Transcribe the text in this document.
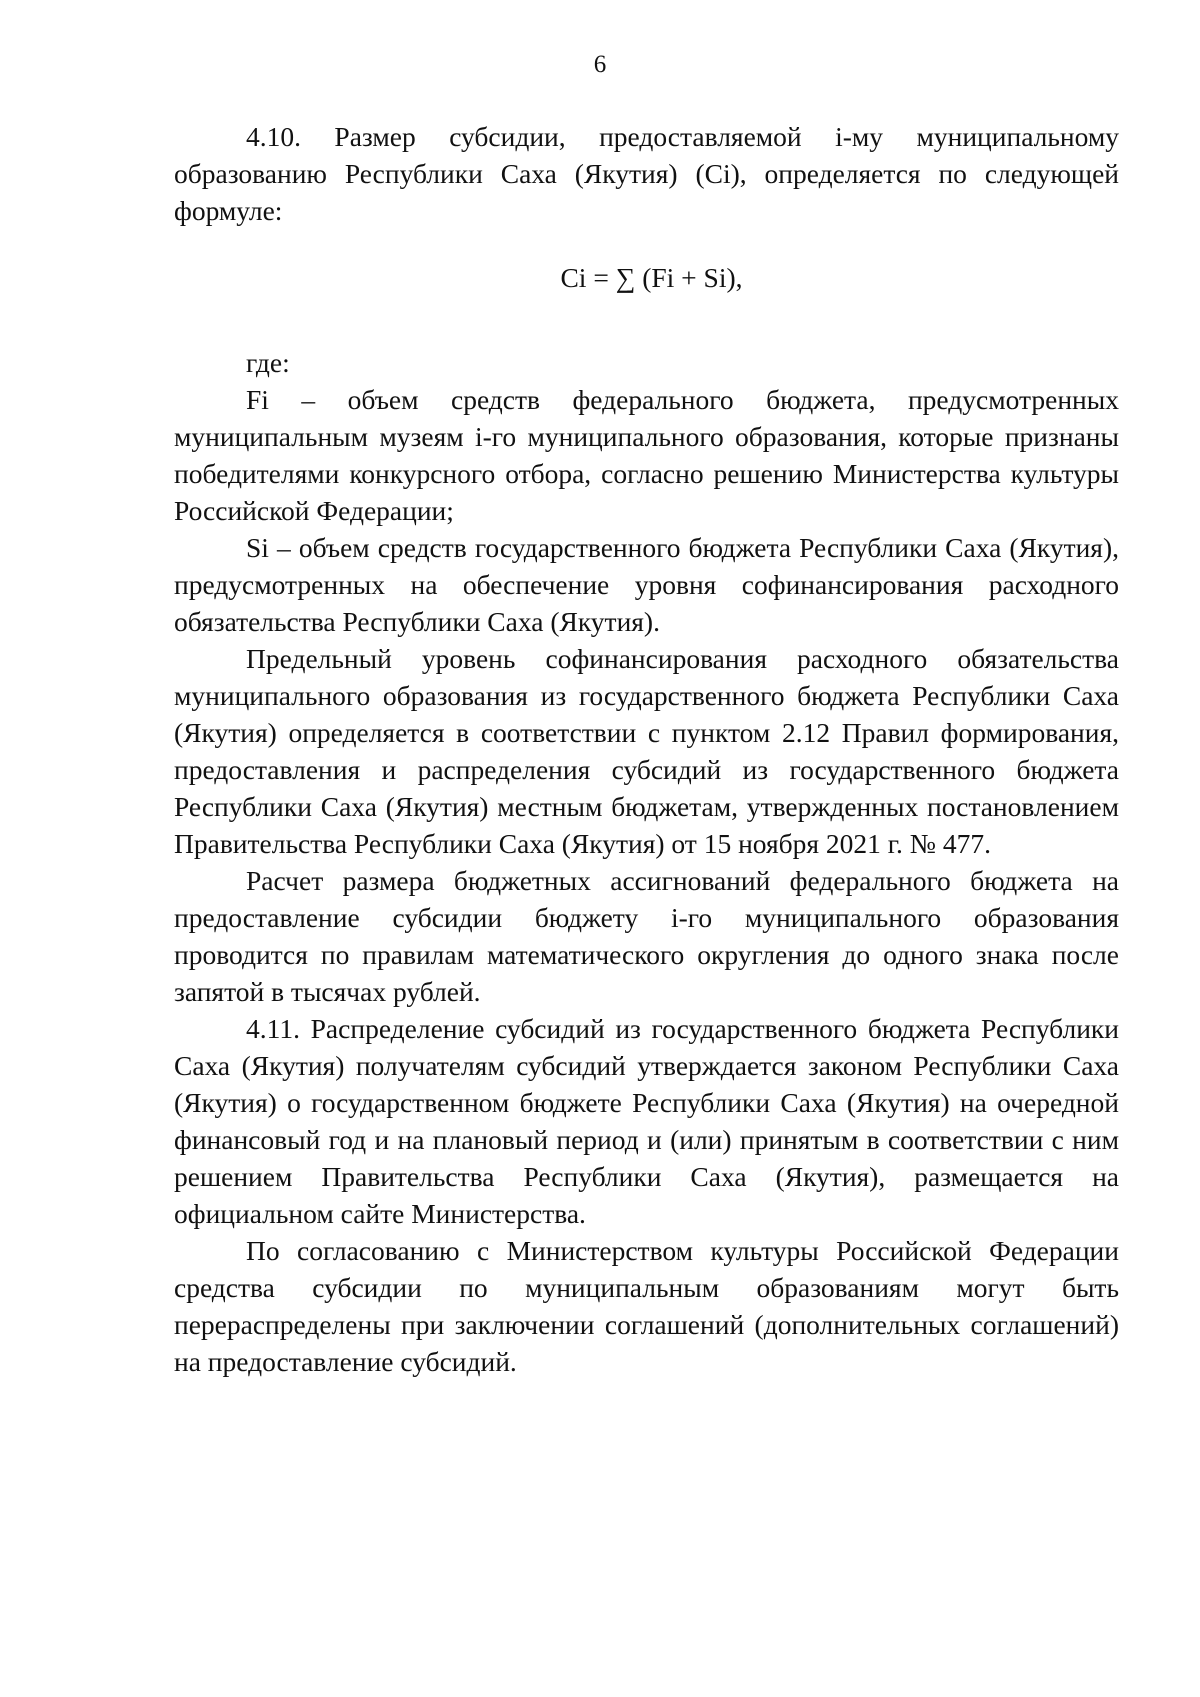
6

4.10. Размер субсидии, предоставляемой i-му муниципальному образованию Республики Саха (Якутия) (Ci), определяется по следующей формуле:

Ci = ∑ (Fi + Si),

где:

Fi – объем средств федерального бюджета, предусмотренных муниципальным музеям i-го муниципального образования, которые признаны победителями конкурсного отбора, согласно решению Министерства культуры Российской Федерации;

Si – объем средств государственного бюджета Республики Саха (Якутия), предусмотренных на обеспечение уровня софинансирования расходного обязательства Республики Саха (Якутия).

Предельный уровень софинансирования расходного обязательства муниципального образования из государственного бюджета Республики Саха (Якутия) определяется в соответствии с пунктом 2.12 Правил формирования, предоставления и распределения субсидий из государственного бюджета Республики Саха (Якутия) местным бюджетам, утвержденных постановлением Правительства Республики Саха (Якутия) от 15 ноября 2021 г. № 477.

Расчет размера бюджетных ассигнований федерального бюджета на предоставление субсидии бюджету i-го муниципального образования проводится по правилам математического округления до одного знака после запятой в тысячах рублей.

4.11. Распределение субсидий из государственного бюджета Республики Саха (Якутия) получателям субсидий утверждается законом Республики Саха (Якутия) о государственном бюджете Республики Саха (Якутия) на очередной финансовый год и на плановый период и (или) принятым в соответствии с ним решением Правительства Республики Саха (Якутия), размещается на официальном сайте Министерства.

По согласованию с Министерством культуры Российской Федерации средства субсидии по муниципальным образованиям могут быть перераспределены при заключении соглашений (дополнительных соглашений) на предоставление субсидий.
